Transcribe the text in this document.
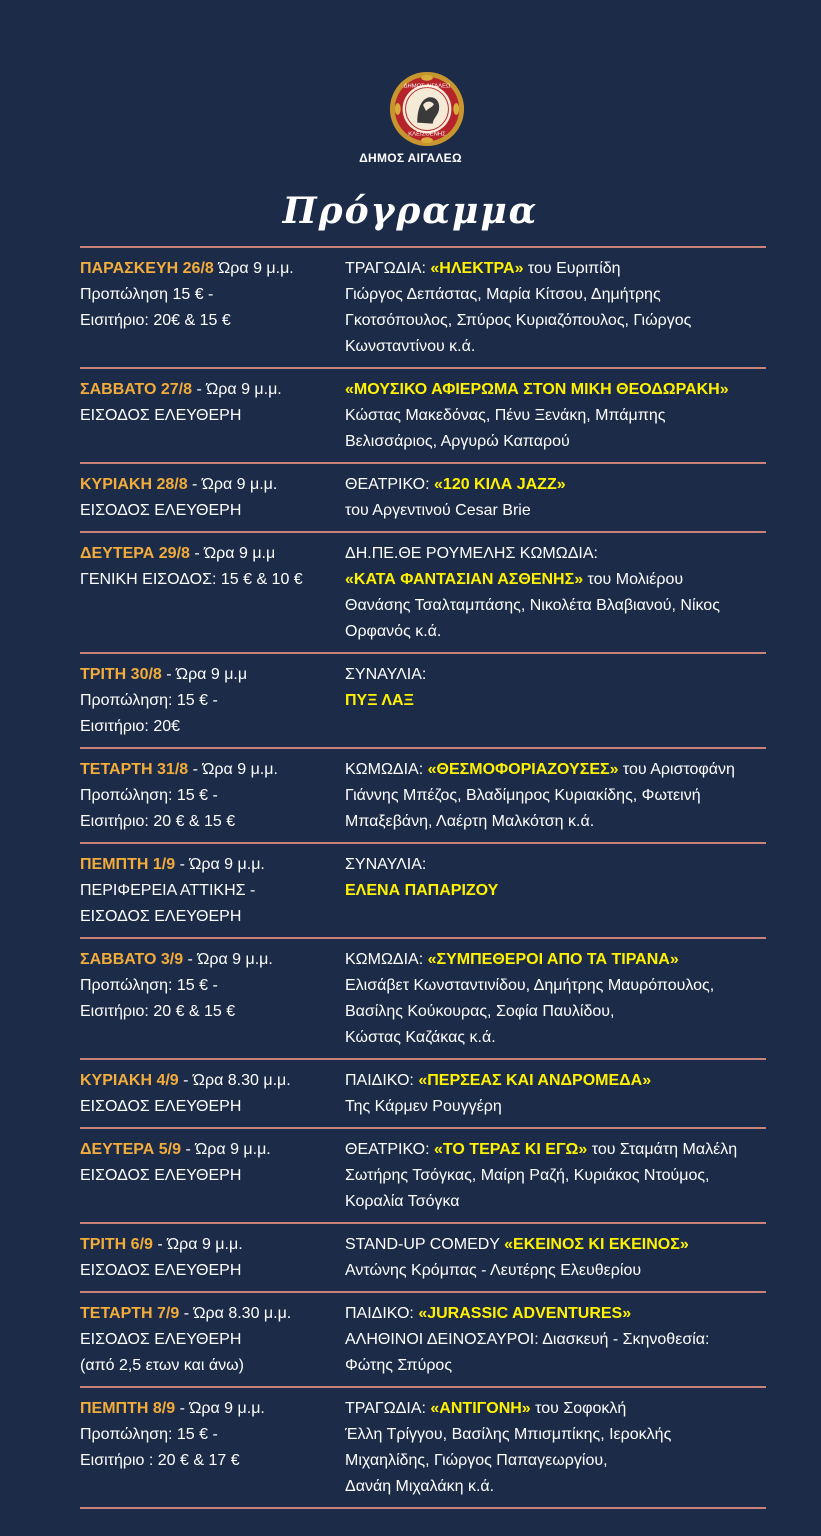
ΔΗΜΟΣ ΑΙΓΑΛΕΩ
ΚΛΕΙΣΘΕΝΗΣ
ΔΗΜΟΣ ΑΙΓΑΛΕΩ
Πρόγραμμα
ΠΑΡΑΣΚΕΥΗ 26/8 Ώρα 9 μ.μ.
Προπώληση 15 € -
Εισιτήριο: 20€ & 15 €
ΤΡΑΓΩΔΙΑ: «ΗΛΕΚΤΡΑ» του Ευριπίδη
Γιώργος Δεπάστας, Μαρία Κίτσου, Δημήτρης
Γκοτσόπουλος, Σπύρος Κυριαζόπουλος, Γιώργος
Κωνσταντίνου κ.ά.
ΣΑΒΒΑΤΟ 27/8 - Ώρα 9 μ.μ.
ΕΙΣΟΔΟΣ ΕΛΕΥΘΕΡΗ
«ΜΟΥΣΙΚΟ ΑΦΙΕΡΩΜΑ ΣΤΟΝ ΜΙΚΗ ΘΕΟΔΩΡΑΚΗ»
Κώστας Μακεδόνας, Πένυ Ξενάκη, Μπάμπης
Βελισσάριος, Αργυρώ Καπαρού
ΚΥΡΙΑΚΗ 28/8 - Ώρα 9 μ.μ.
ΕΙΣΟΔΟΣ ΕΛΕΥΘΕΡΗ
ΘΕΑΤΡΙΚΟ: «120 ΚΙΛΑ JAZZ»
του Αργεντινού Cesar Brie
ΔΕΥΤΕΡΑ 29/8 - Ώρα 9 μ.μ
ΓΕΝΙΚΗ ΕΙΣΟΔΟΣ: 15 € & 10 €
ΔΗ.ΠΕ.ΘΕ ΡΟΥΜΕΛΗΣ ΚΩΜΩΔΙΑ:
«ΚΑΤΑ ΦΑΝΤΑΣΙΑΝ ΑΣΘΕΝΗΣ» του Μολιέρου
Θανάσης Τσαλταμπάσης, Νικολέτα Βλαβιανού, Νίκος
Ορφανός κ.ά.
ΤΡΙΤΗ 30/8 - Ώρα 9 μ.μ
Προπώληση: 15 € -
Εισιτήριο: 20€
ΣΥΝΑΥΛΙΑ:
ΠΥΞ ΛΑΞ
ΤΕΤΑΡΤΗ 31/8 - Ώρα 9 μ.μ.
Προπώληση: 15 € -
Εισιτήριο: 20 € & 15 €
ΚΩΜΩΔΙΑ: «ΘΕΣΜΟΦΟΡΙΑΖΟΥΣΕΣ» του Αριστοφάνη
Γιάννης Μπέζος, Βλαδίμηρος Κυριακίδης, Φωτεινή
Μπαξεβάνη, Λαέρτη Μαλκότση κ.ά.
ΠΕΜΠΤΗ 1/9 - Ώρα 9 μ.μ.
ΠΕΡΙΦΕΡΕΙΑ ΑΤΤΙΚΗΣ -
ΕΙΣΟΔΟΣ ΕΛΕΥΘΕΡΗ
ΣΥΝΑΥΛΙΑ:
ΕΛΕΝΑ ΠΑΠΑΡΙΖΟΥ
ΣΑΒΒΑΤΟ 3/9 - Ώρα 9 μ.μ.
Προπώληση: 15 € -
Εισιτήριο: 20 € & 15 €
ΚΩΜΩΔΙΑ: «ΣΥΜΠΕΘΕΡΟΙ ΑΠΟ ΤΑ ΤΙΡΑΝΑ»
Ελισάβετ Κωνσταντινίδου, Δημήτρης Μαυρόπουλος,
Βασίλης Κούκουρας, Σοφία Παυλίδου,
Κώστας Καζάκας κ.ά.
ΚΥΡΙΑΚΗ 4/9 - Ώρα 8.30 μ.μ.
ΕΙΣΟΔΟΣ ΕΛΕΥΘΕΡΗ
ΠΑΙΔΙΚΟ: «ΠΕΡΣΕΑΣ ΚΑΙ ΑΝΔΡΟΜΕΔΑ»
Της Κάρμεν Ρουγγέρη
ΔΕΥΤΕΡΑ 5/9 - Ώρα 9 μ.μ.
ΕΙΣΟΔΟΣ ΕΛΕΥΘΕΡΗ
ΘΕΑΤΡΙΚΟ: «ΤΟ ΤΕΡΑΣ ΚΙ ΕΓΩ» του Σταμάτη Μαλέλη
Σωτήρης Τσόγκας, Μαίρη Ραζή, Κυριάκος Ντούμος,
Κοραλία Τσόγκα
ΤΡΙΤΗ 6/9 - Ώρα 9 μ.μ.
ΕΙΣΟΔΟΣ ΕΛΕΥΘΕΡΗ
STAND-UP COMEDY «ΕΚΕΙΝΟΣ ΚΙ ΕΚΕΙΝΟΣ»
Αντώνης Κρόμπας - Λευτέρης Ελευθερίου
ΤΕΤΑΡΤΗ 7/9 - Ώρα 8.30 μ.μ.
ΕΙΣΟΔΟΣ ΕΛΕΥΘΕΡΗ
(από 2,5 ετων και άνω)
ΠΑΙΔΙΚΟ: «JURASSIC ADVENTURES»
ΑΛΗΘΙΝΟΙ ΔΕΙΝΟΣΑΥΡΟΙ: Διασκευή - Σκηνοθεσία:
Φώτης Σπύρος
ΠΕΜΠΤΗ 8/9 - Ώρα 9 μ.μ.
Προπώληση: 15 € -
Εισιτήριο : 20 € & 17 €
ΤΡΑΓΩΔΙΑ: «ΑΝΤΙΓΟΝΗ» του Σοφοκλή
Έλλη Τρίγγου, Βασίλης Μπισμπίκης, Ιεροκλής
Μιχαηλίδης, Γιώργος Παπαγεωργίου,
Δανάη Μιχαλάκη κ.ά.
